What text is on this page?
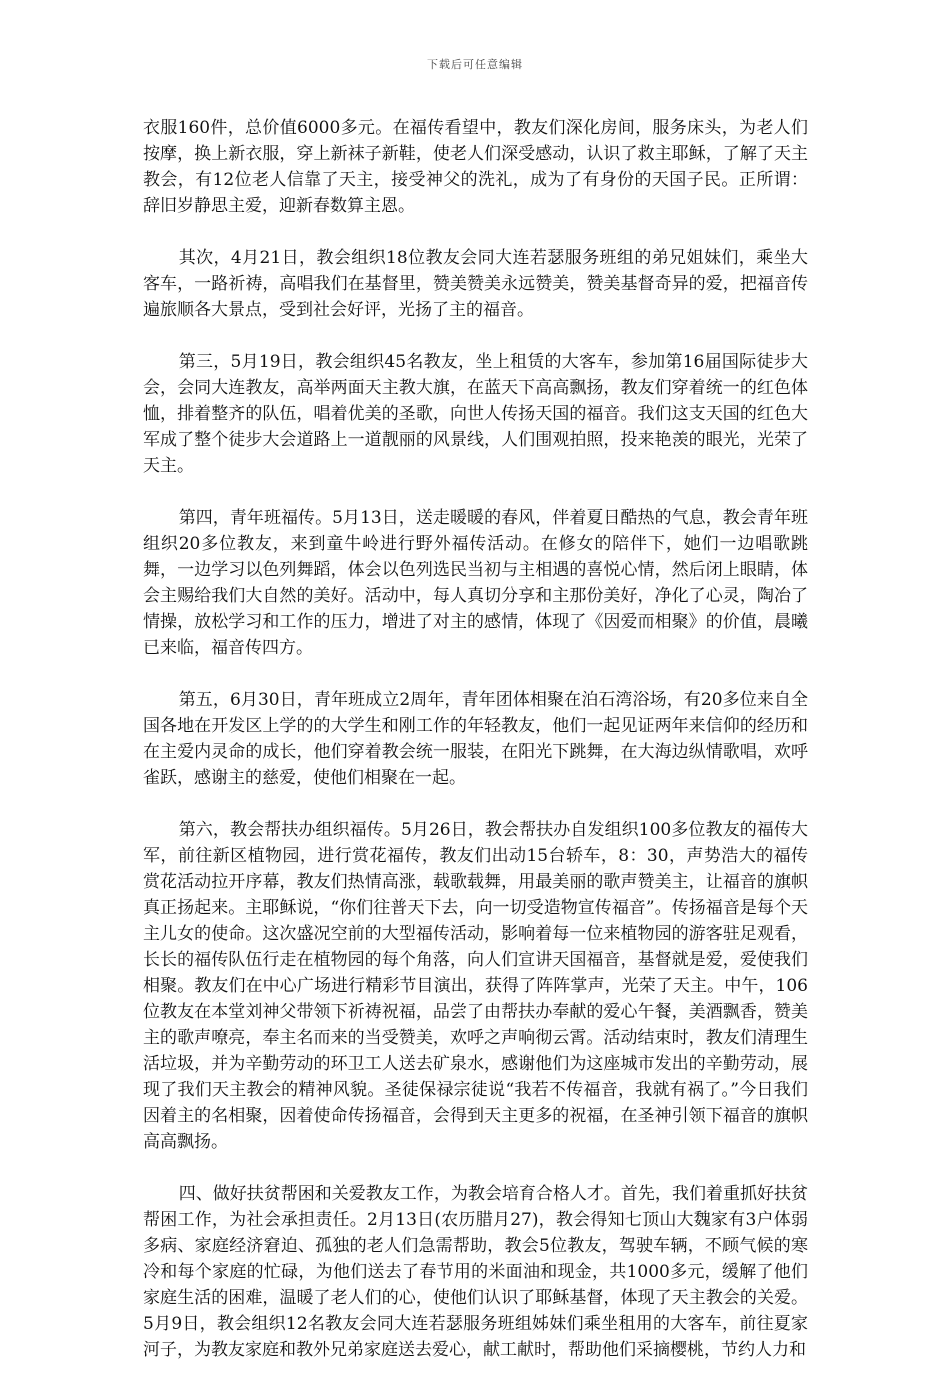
下载后可任意编辑

衣服160件，总价值6000多元。在福传看望中，教友们深化房间，服务床头，为老人们按摩，换上新衣服，穿上新袜子新鞋，使老人们深受感动，认识了救主耶稣，了解了天主教会，有12位老人信靠了天主，接受神父的洗礼，成为了有身份的天国子民。正所谓：辞旧岁静思主爱，迎新春数算主恩。

其次，4月21日，教会组织18位教友会同大连若瑟服务班组的弟兄姐妹们，乘坐大客车，一路祈祷，高唱我们在基督里，赞美赞美永远赞美，赞美基督奇异的爱，把福音传遍旅顺各大景点，受到社会好评，光扬了主的福音。

第三，5月19日，教会组织45名教友，坐上租赁的大客车，参加第16届国际徒步大会，会同大连教友，高举两面天主教大旗，在蓝天下高高飘扬，教友们穿着统一的红色体恤，排着整齐的队伍，唱着优美的圣歌，向世人传扬天国的福音。我们这支天国的红色大军成了整个徒步大会道路上一道靓丽的风景线，人们围观拍照，投来艳羡的眼光，光荣了天主。

第四，青年班福传。5月13日，送走暖暖的春风，伴着夏日酷热的气息，教会青年班组织20多位教友，来到童牛岭进行野外福传活动。在修女的陪伴下，她们一边唱歌跳舞，一边学习以色列舞蹈，体会以色列选民当初与主相遇的喜悦心情，然后闭上眼睛，体会主赐给我们大自然的美好。活动中，每人真切分享和主那份美好，净化了心灵，陶冶了情操，放松学习和工作的压力，增进了对主的感情，体现了《因爱而相聚》的价值，晨曦已来临，福音传四方。

第五，6月30日，青年班成立2周年，青年团体相聚在泊石湾浴场，有20多位来自全国各地在开发区上学的的大学生和刚工作的年轻教友，他们一起见证两年来信仰的经历和在主爱内灵命的成长，他们穿着教会统一服装，在阳光下跳舞，在大海边纵情歌唱，欢呼雀跃，感谢主的慈爱，使他们相聚在一起。

第六，教会帮扶办组织福传。5月26日，教会帮扶办自发组织100多位教友的福传大军，前往新区植物园，进行赏花福传，教友们出动15台轿车，8：30，声势浩大的福传赏花活动拉开序幕，教友们热情高涨，载歌载舞，用最美丽的歌声赞美主，让福音的旗帜真正扬起来。主耶稣说，“你们往普天下去，向一切受造物宣传福音”。传扬福音是每个天主儿女的使命。这次盛况空前的大型福传活动，影响着每一位来植物园的游客驻足观看，长长的福传队伍行走在植物园的每个角落，向人们宣讲天国福音，基督就是爱，爱使我们相聚。教友们在中心广场进行精彩节目演出，获得了阵阵掌声，光荣了天主。中午，106位教友在本堂刘神父带领下祈祷祝福，品尝了由帮扶办奉献的爱心午餐，美酒飘香，赞美主的歌声嘹亮，奉主名而来的当受赞美，欢呼之声响彻云霄。活动结束时，教友们清理生活垃圾，并为辛勤劳动的环卫工人送去矿泉水，感谢他们为这座城市发出的辛勤劳动，展现了我们天主教会的精神风貌。圣徒保禄宗徒说“我若不传福音，我就有祸了。”今日我们因着主的名相聚，因着使命传扬福音，会得到天主更多的祝福，在圣神引领下福音的旗帜高高飘扬。

四、做好扶贫帮困和关爱教友工作，为教会培育合格人才。首先，我们着重抓好扶贫帮困工作，为社会承担责任。2月13日(农历腊月27)，教会得知七顶山大魏家有3户体弱多病、家庭经济窘迫、孤独的老人们急需帮助，教会5位教友，驾驶车辆，不顾气候的寒冷和每个家庭的忙碌，为他们送去了春节用的米面油和现金，共1000多元，缓解了他们家庭生活的困难，温暖了老人们的心，使他们认识了耶稣基督，体现了天主教会的关爱。5月9日，教会组织12名教友会同大连若瑟服务班组姊妹们乘坐租用的大客车，前往夏家河子，为教友家庭和教外兄弟家庭送去爱心，献工献时，帮助他们采摘樱桃，节约人力和
